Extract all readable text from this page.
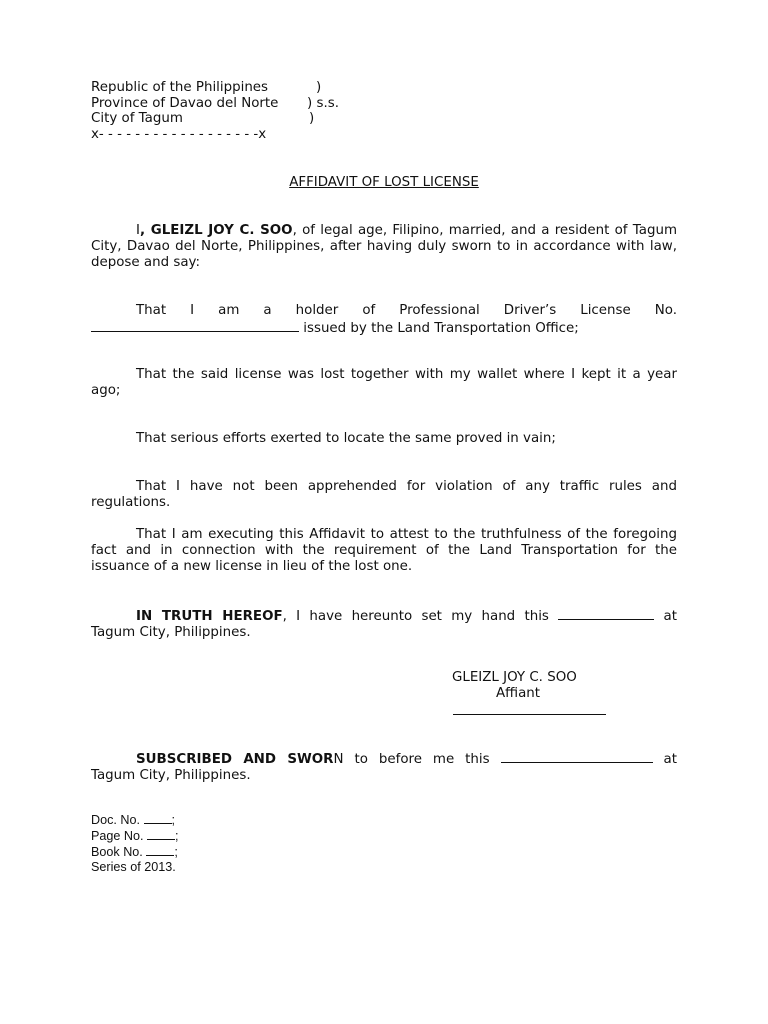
Republic of the Philippines	)
Province of Davao del Norte ) s.s.
City of Tagum	)
x- - - - - - - - - - - - - - - - - -x
AFFIDAVIT OF LOST LICENSE
I, GLEIZL JOY C. SOO, of legal age, Filipino, married, and a resident of Tagum City, Davao del Norte, Philippines, after having duly sworn to in accordance with law, depose and say:
That I am a holder of Professional Driver’s License No.
issued by the Land Transportation Office;
That the said license was lost together with my wallet where I kept it a year ago;
That serious efforts exerted to locate the same proved in vain;
That I have not been apprehended for violation of any traffic rules and regulations.
That I am executing this Affidavit to attest to the truthfulness of the foregoing fact and in connection with the requirement of the Land Transportation for the issuance of a new license in lieu of the lost one.
IN TRUTH HEREOF, I have hereunto set my hand this	at
Tagum City, Philippines.
GLEIZL JOY C. SOO
Affiant
SUBSCRIBED AND SWORN to before me this	at
Tagum City, Philippines.
Doc. No.	;
Page No.	;
Book No.	;
Series of 2013.
